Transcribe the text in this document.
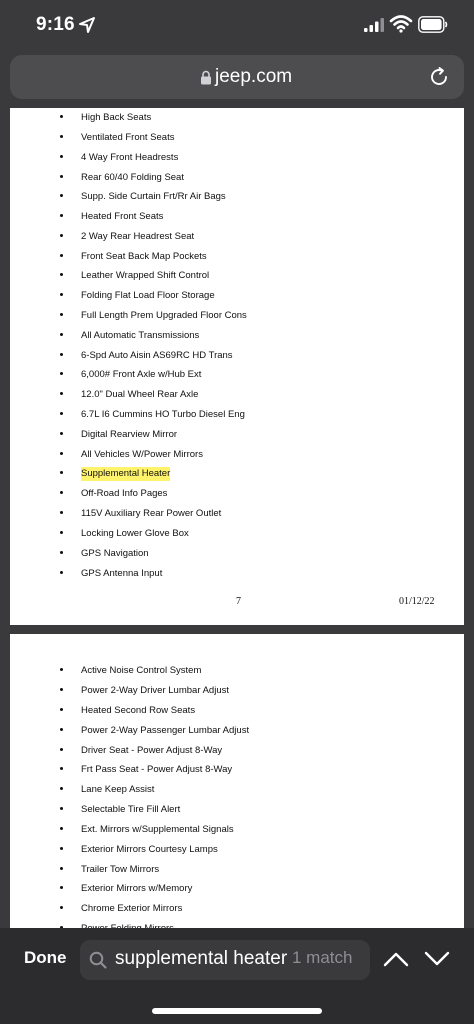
9:16
jeep.com
High Back Seats
Ventilated Front Seats
4 Way Front Headrests
Rear 60/40 Folding Seat
Supp. Side Curtain Frt/Rr Air Bags
Heated Front Seats
2 Way Rear Headrest Seat
Front Seat Back Map Pockets
Leather Wrapped Shift Control
Folding Flat Load Floor Storage
Full Length Prem Upgraded Floor Cons
All Automatic Transmissions
6-Spd Auto Aisin AS69RC HD Trans
6,000# Front Axle w/Hub Ext
12.0" Dual Wheel Rear Axle
6.7L I6 Cummins HO Turbo Diesel Eng
Digital Rearview Mirror
All Vehicles W/Power Mirrors
Supplemental Heater
Off-Road Info Pages
115V Auxiliary Rear Power Outlet
Locking Lower Glove Box
GPS Navigation
GPS Antenna Input
7	01/12/22
Active Noise Control System
Power 2-Way Driver Lumbar Adjust
Heated Second Row Seats
Power 2-Way Passenger Lumbar Adjust
Driver Seat - Power Adjust 8-Way
Frt Pass Seat - Power Adjust 8-Way
Lane Keep Assist
Selectable Tire Fill Alert
Ext. Mirrors w/Supplemental Signals
Exterior Mirrors Courtesy Lamps
Trailer Tow Mirrors
Exterior Mirrors w/Memory
Chrome Exterior Mirrors
Done	supplemental heater 1 match
